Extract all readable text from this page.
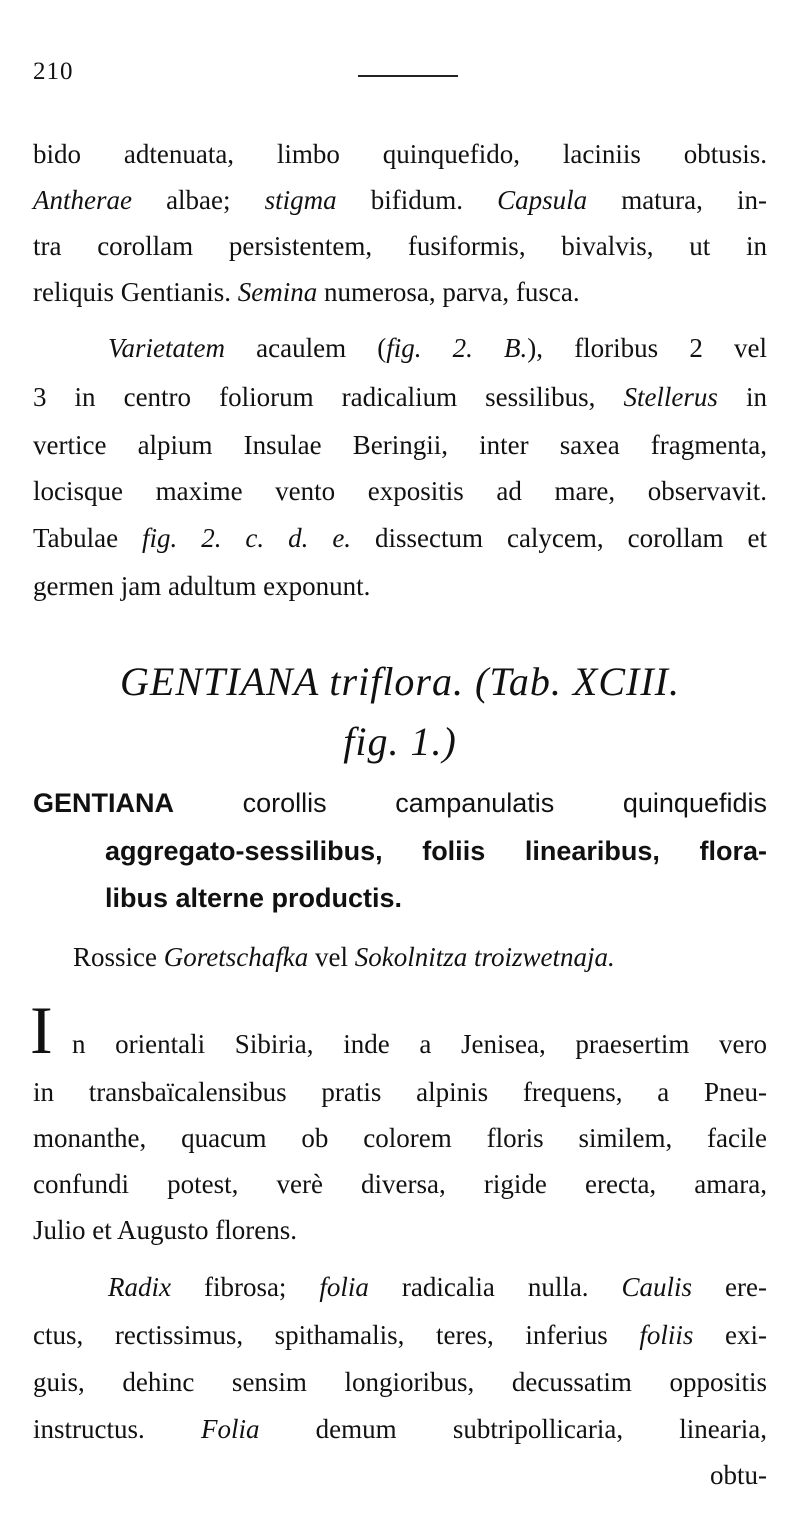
210
bido adtenuata, limbo quinquefido, laciniis obtusis.
Antherae albae; stigma bifidum. Capsula matura, in-
tra corollam persistentem, fusiformis, bivalvis, ut in
reliquis Gentianis. Semina numerosa, parva, fusca.
Varietatem acaulem (fig. 2. B.), floribus 2 vel
3 in centro foliorum radicalium sessilibus, Stellerus in
vertice alpium Insulae Beringii, inter saxea fragmenta,
locisque maxime vento expositis ad mare, observavit.
Tabulae fig. 2. c. d. e. dissectum calycem, corollam et
germen jam adultum exponunt.
GENTIANA triflora. (Tab. XCIII.
fig. 1.)
GENTIANA corollis campanulatis quinquefidis
aggregato-sessilibus, foliis linearibus, flora-
libus alterne productis.
Rossice Goretschafka vel Sokolnitza troizwetnaja.
I n orientali Sibiria, inde a Jenisea, praesertim vero
in transbaïcalensibus pratis alpinis frequens, a Pneu-
monanthe, quacum ob colorem floris similem, facile
confundi potest, verè diversa, rigide erecta, amara,
Julio et Augusto florens.
Radix fibrosa; folia radicalia nulla. Caulis ere-
ctus, rectissimus, spithamalis, teres, inferius foliis exi-
guis, dehinc sensim longioribus, decussatim oppositis
instructus. Folia demum subtripollicaria, linearia,
obtu-
